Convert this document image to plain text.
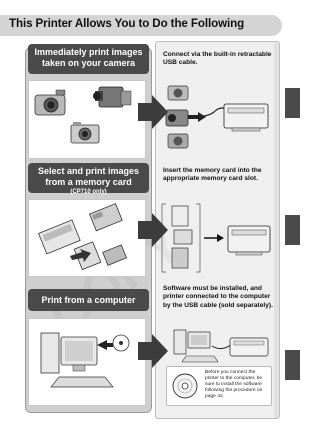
This Printer Allows You to Do the Following
Immediately print images taken on your camera
Connect via the built-in retractable USB cable.
Select and print images from a memory card
(CP710 only)
Insert the memory card into the appropriate memory card slot.
Print from a computer
Software must be installed, and printer connected to the computer by the USB cable (sold separately).
Before you connect the printer to the computer, be sure to install the software following the procedure on page 42.
